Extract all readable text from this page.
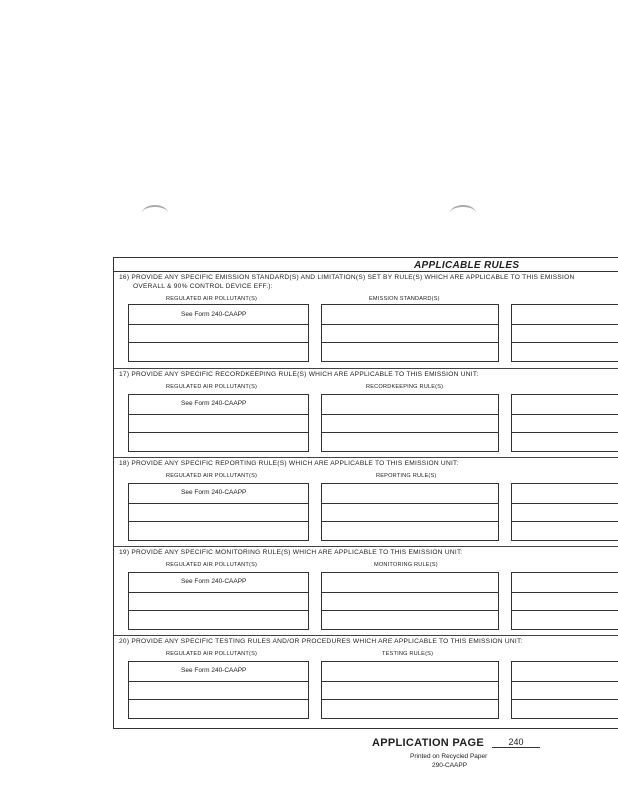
APPLICABLE RULES
16) PROVIDE ANY SPECIFIC EMISSION STANDARD(S) AND LIMITATION(S) SET BY RULE(S) WHICH ARE APPLICABLE TO THIS EMISSION
OVERALL & 90% CONTROL DEVICE EFF.):
REGULATED AIR POLLUTANT(S)	EMISSION STANDARD(S)
See Form 240-CAAPP
17) PROVIDE ANY SPECIFIC RECORDKEEPING RULE(S) WHICH ARE APPLICABLE TO THIS EMISSION UNIT:
REGULATED AIR POLLUTANT(S)	RECORDKEEPING RULE(S)
See Form 240-CAAPP
18) PROVIDE ANY SPECIFIC REPORTING RULE(S) WHICH ARE APPLICABLE TO THIS EMISSION UNIT:
REGULATED AIR POLLUTANT(S)	REPORTING RULE(S)
See Form 240-CAAPP
19) PROVIDE ANY SPECIFIC MONITORING RULE(S) WHICH ARE APPLICABLE TO THIS EMISSION UNIT:
REGULATED AIR POLLUTANT(S)	MONITORING RULE(S)
See Form 240-CAAPP
20) PROVIDE ANY SPECIFIC TESTING RULES AND/OR PROCEDURES WHICH ARE APPLICABLE TO THIS EMISSION UNIT:
REGULATED AIR POLLUTANT(S)	TESTING RULE(S)
See Form 240-CAAPP
APPLICATION PAGE	240
Printed on Recycled Paper
290-CAAPP
